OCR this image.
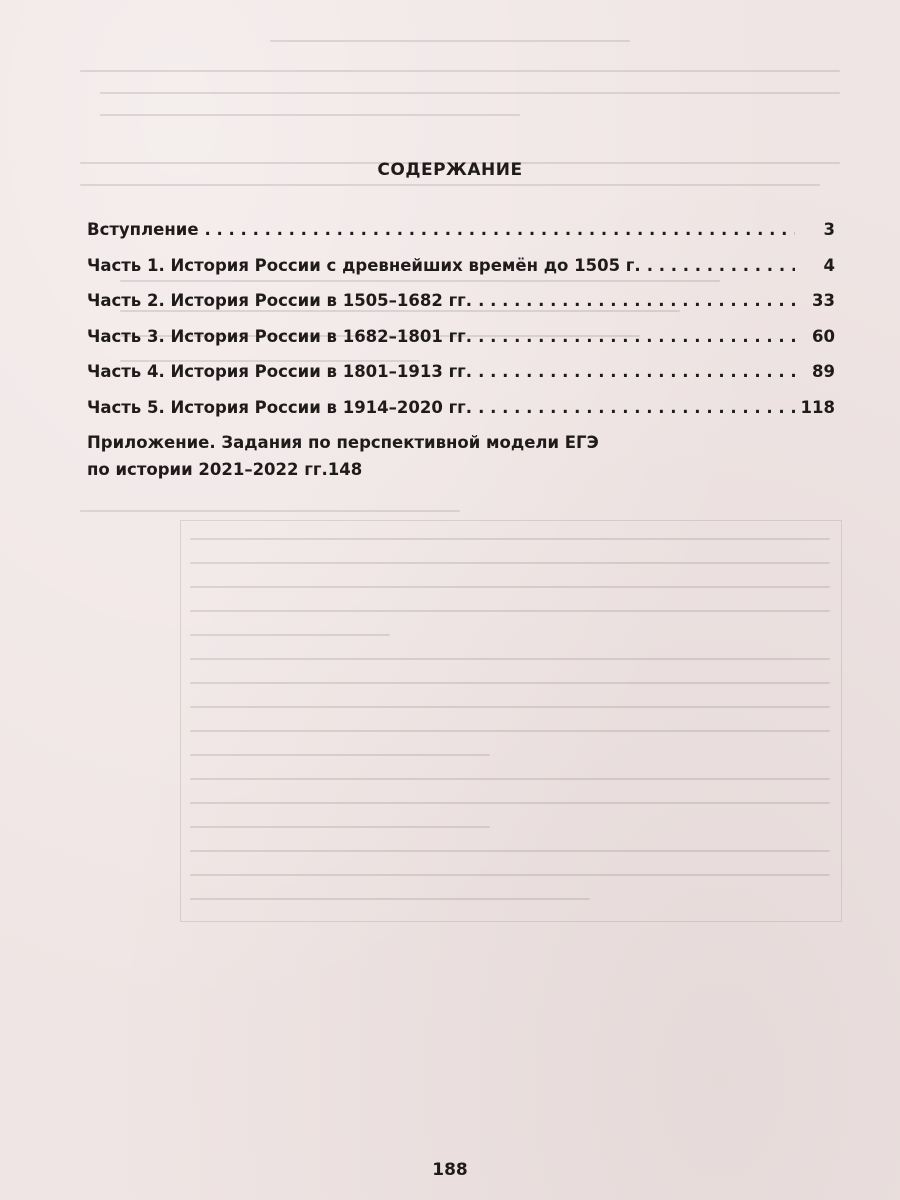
СОДЕРЖАНИЕ
Вступление . . .	3
Часть 1. История России с древнейших времён до 1505 г. . . .	4
Часть 2. История России в 1505–1682 гг. . . .	33
Часть 3. История России в 1682–1801 гг. . . .	60
Часть 4. История России в 1801–1913 гг. . . .	89
Часть 5. История России в 1914–2020 гг. . . .	118
Приложение. Задания по перспективной модели ЕГЭ
по истории 2021–2022 гг. 148
188
